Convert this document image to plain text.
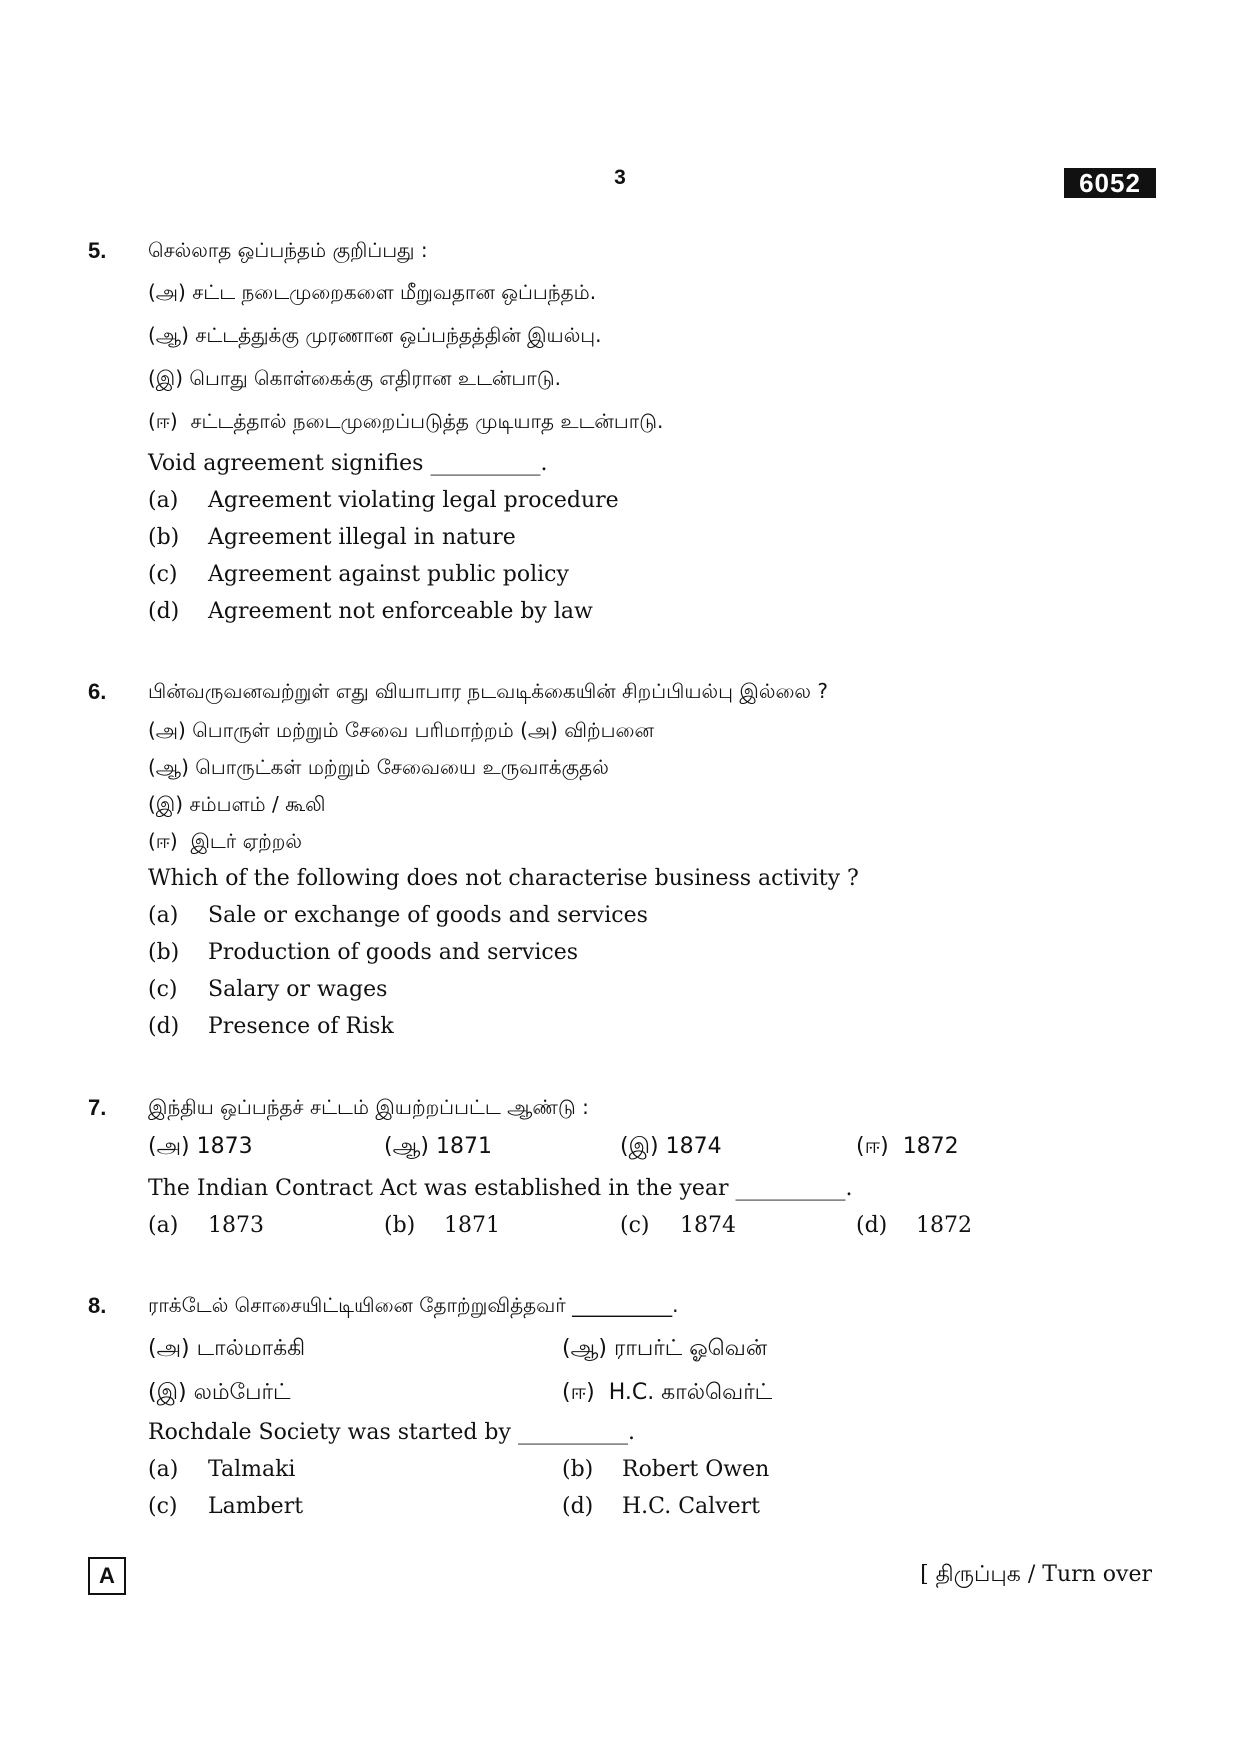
3	6052
5. செல்லாத ஒப்பந்தம் குறிப்பது :
(அ) சட்ட நடைமுறைகளை மீறுவதான ஒப்பந்தம்.
(ஆ) சட்டத்துக்கு முரணான ஒப்பந்தத்தின் இயல்பு.
(இ) பொது கொள்கைக்கு எதிரான உடன்பாடு.
(ஈ) சட்டத்தால் நடைமுறைப்படுத்த முடியாத உடன்பாடு.
Void agreement signifies __________.
(a) Agreement violating legal procedure
(b) Agreement illegal in nature
(c) Agreement against public policy
(d) Agreement not enforceable by law
6. பின்வருவனவற்றுள் எது வியாபார நடவடிக்கையின் சிறப்பியல்பு இல்லை ?
(அ) பொருள் மற்றும் சேவை பரிமாற்றம் (அ) விற்பனை
(ஆ) பொருட்கள் மற்றும் சேவையை உருவாக்குதல்
(இ) சம்பளம் / கூலி
(ஈ) இடர் ஏற்றல்
Which of the following does not characterise business activity ?
(a) Sale or exchange of goods and services
(b) Production of goods and services
(c) Salary or wages
(d) Presence of Risk
7. இந்திய ஒப்பந்தச் சட்டம் இயற்றப்பட்ட ஆண்டு :
(அ) 1873	(ஆ) 1871	(இ) 1874	(ஈ) 1872
The Indian Contract Act was established in the year __________.
(a) 1873	(b) 1871	(c) 1874	(d) 1872
8. ராக்டேல் சொசையிட்டியினை தோற்றுவித்தவர் __________.
(அ) டால்மாக்கி	(ஆ) ராபர்ட் ஓவென்
(இ) லம்பேர்ட்	(ஈ) H.C. கால்வெர்ட்
Rochdale Society was started by __________.
(a) Talmaki	(b) Robert Owen
(c) Lambert	(d) H.C. Calvert
A	[ திருப்புக / Turn over
